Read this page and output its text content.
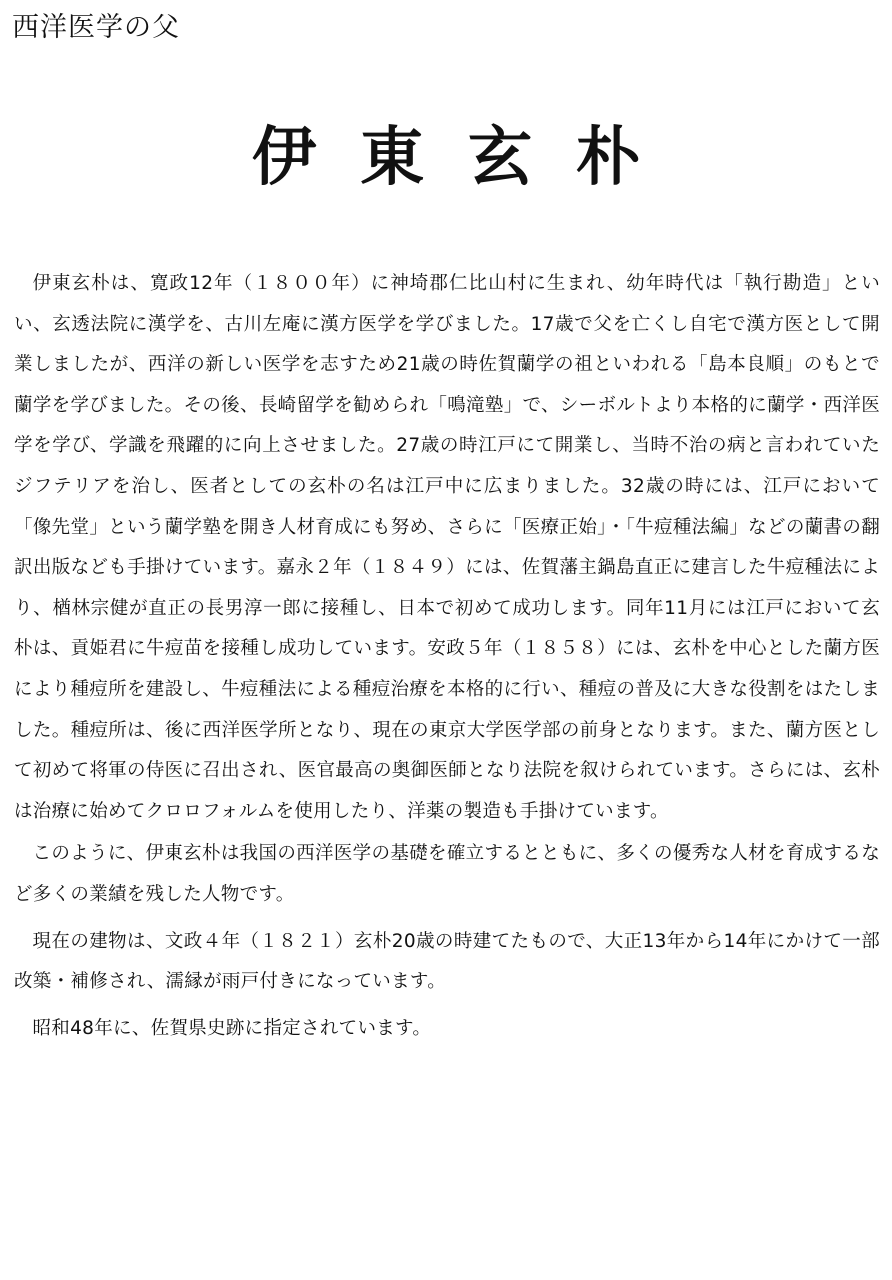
西洋医学の父
伊東玄朴

伊東玄朴は、寛政12年（１８００年）に神埼郡仁比山村に生まれ、幼年時代は「執行勘造」といい、玄透法院に漢学を、古川左庵に漢方医学を学びました。17歳で父を亡くし自宅で漢方医として開業しましたが、西洋の新しい医学を志すため21歳の時佐賀蘭学の祖といわれる「島本良順」のもとで蘭学を学びました。その後、長崎留学を勧められ「鳴滝塾」で、シーボルトより本格的に蘭学・西洋医学を学び、学識を飛躍的に向上させました。27歳の時江戸にて開業し、当時不治の病と言われていたジフテリアを治し、医者としての玄朴の名は江戸中に広まりました。32歳の時には、江戸において「像先堂」という蘭学塾を開き人材育成にも努め、さらに「医療正始」・「牛痘種法編」などの蘭書の翻訳出版なども手掛けています。嘉永２年（１８４９）には、佐賀藩主鍋島直正に建言した牛痘種法により、楢林宗健が直正の長男淳一郎に接種し、日本で初めて成功します。同年11月には江戸において玄朴は、貢姫君に牛痘苗を接種し成功しています。安政５年（１８５８）には、玄朴を中心とした蘭方医により種痘所を建設し、牛痘種法による種痘治療を本格的に行い、種痘の普及に大きな役割をはたしました。種痘所は、後に西洋医学所となり、現在の東京大学医学部の前身となります。また、蘭方医として初めて将軍の侍医に召出され、医官最高の奥御医師となり法院を叙けられています。さらには、玄朴は治療に始めてクロロフォルムを使用したり、洋薬の製造も手掛けています。

このように、伊東玄朴は我国の西洋医学の基礎を確立するとともに、多くの優秀な人材を育成するなど多くの業績を残した人物です。

現在の建物は、文政４年（１８２１）玄朴20歳の時建てたもので、大正13年から14年にかけて一部改築・補修され、濡縁が雨戸付きになっています。

昭和48年に、佐賀県史跡に指定されています。
